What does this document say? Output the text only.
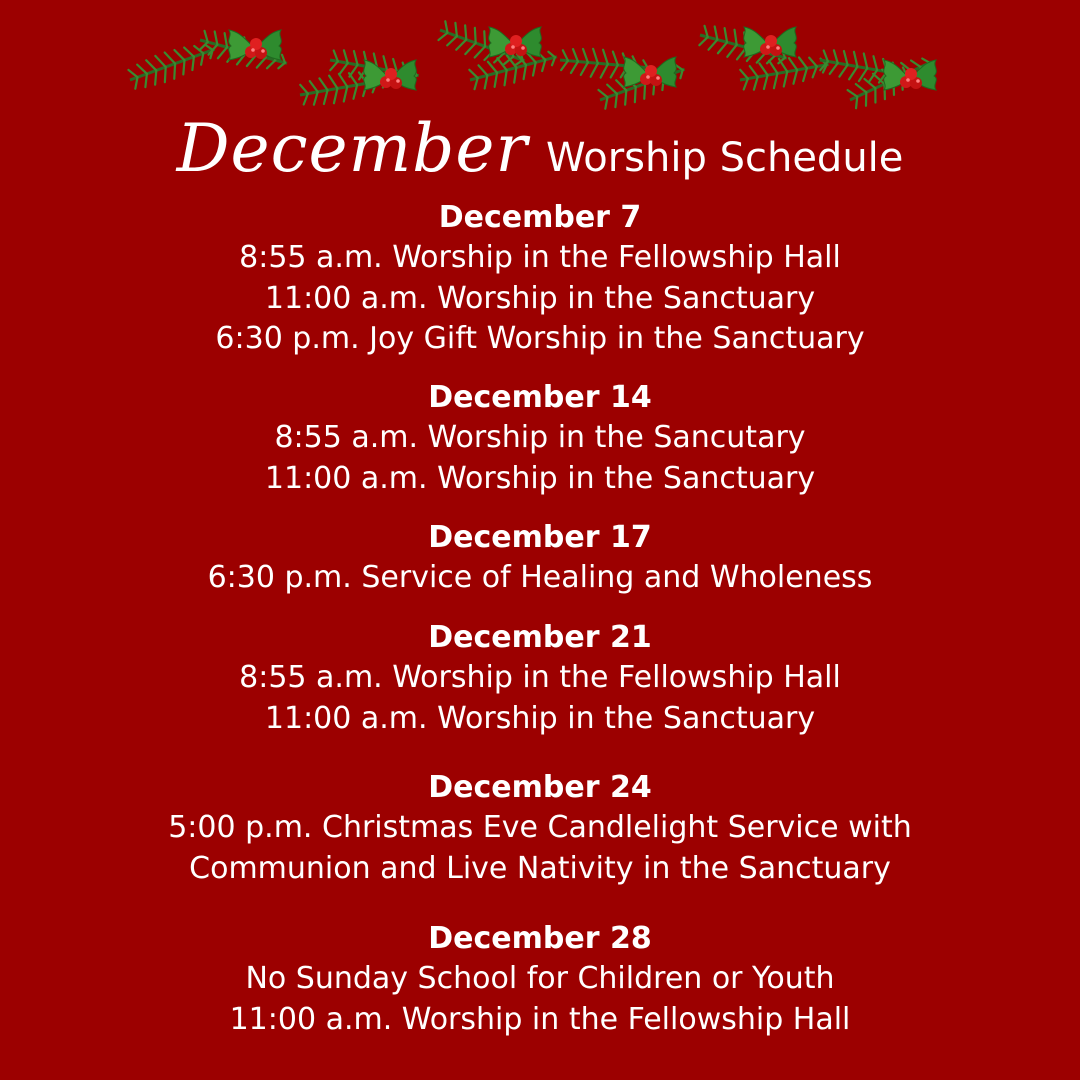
December Worship Schedule
December 7
8:55 a.m. Worship in the Fellowship Hall
11:00 a.m. Worship in the Sanctuary
6:30 p.m. Joy Gift Worship in the Sanctuary
December 14
8:55 a.m. Worship in the Sancutary
11:00 a.m. Worship in the Sanctuary
December 17
6:30 p.m. Service of Healing and Wholeness
December 21
8:55 a.m. Worship in the Fellowship Hall
11:00 a.m. Worship in the Sanctuary
December 24
5:00 p.m. Christmas Eve Candlelight Service with
Communion and Live Nativity in the Sanctuary
December 28
No Sunday School for Children or Youth
11:00 a.m. Worship in the Fellowship Hall
